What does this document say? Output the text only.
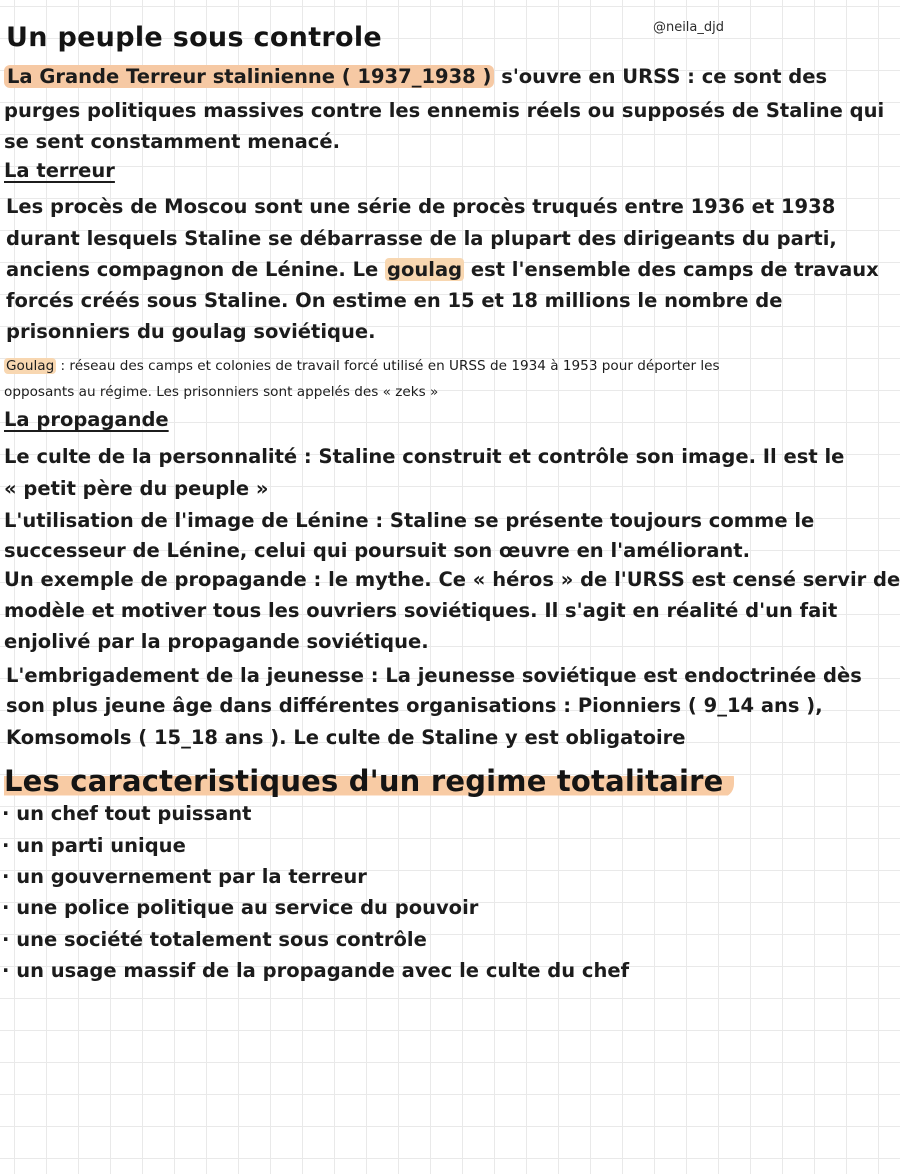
Un peuple sous controle	@neila_djd
La Grande Terreur stalinienne ( 1937_1938 ) s'ouvre en URSS : ce sont des
purges politiques massives contre les ennemis réels ou supposés de Staline qui
se sent constamment menacé.
La terreur
Les procès de Moscou sont une série de procès truqués entre 1936 et 1938
durant lesquels Staline se débarrasse de la plupart des dirigeants du parti,
anciens compagnon de Lénine. Le goulag est l'ensemble des camps de travaux
forcés créés sous Staline. On estime en 15 et 18 millions le nombre de
prisonniers du goulag soviétique.
Goulag : réseau des camps et colonies de travail forcé utilisé en URSS de 1934 à 1953 pour déporter les
opposants au régime. Les prisonniers sont appelés des « zeks »
La propagande
Le culte de la personnalité : Staline construit et contrôle son image. Il est le
« petit père du peuple »
L'utilisation de l'image de Lénine : Staline se présente toujours comme le
successeur de Lénine, celui qui poursuit son œuvre en l'améliorant.
Un exemple de propagande : le mythe. Ce « héros » de l'URSS est censé servir de
modèle et motiver tous les ouvriers soviétiques. Il s'agit en réalité d'un fait
enjolivé par la propagande soviétique.
L'embrigadement de la jeunesse : La jeunesse soviétique est endoctrinée dès
son plus jeune âge dans différentes organisations : Pionniers ( 9_14 ans ),
Komsomols ( 15_18 ans ). Le culte de Staline y est obligatoire
Les caracteristiques d'un regime totalitaire
· un chef tout puissant
· un parti unique
· un gouvernement par la terreur
· une police politique au service du pouvoir
· une société totalement sous contrôle
· un usage massif de la propagande avec le culte du chef
